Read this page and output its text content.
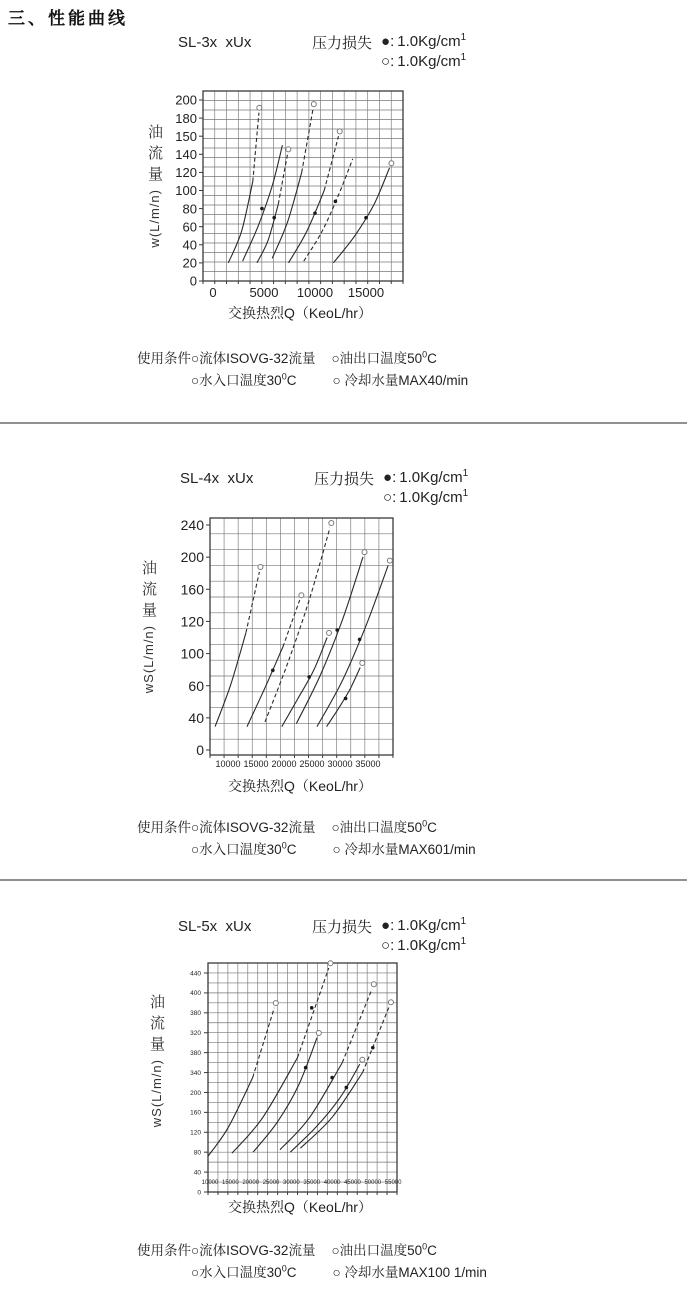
三、性能曲线
200
180
150
140
120
100
80
60
40
20
0
0	5000 10000 15000
240
200
160
120
100
60
40
0
10000 15000 20000 25000 30000 35000
440
400
380
320
380
340
200
160
120
80
40
0
10000 15000 20000 25000 30000 35000 40000 45000 50000 55000
SL-3x  xUx	压力损失 ●: $1.0Kg/cm^1$
○: $1.0Kg/cm^1$
油流量
w(L/m/n)
交换热烈Q（KeoL/hr）

使用条件○流体ISOVG-32流量 ○油出口温度$50^0C$

○水入口温度$30^0C$	○ 冷却水量MAX40/min

SL-4x  xUx	压力损失 ●: $1.0Kg/cm^1$
○: $1.0Kg/cm^1$
油流量
wS(L/m/n)
交换热烈Q（KeoL/hr）

使用条件○流体ISOVG-32流量 ○油出口温度$50^0C$

○水入口温度$30^0C$	○ 冷却水量MAX601/min

SL-5x  xUx	压力损失 ●: $1.0Kg/cm^1$
○: $1.0Kg/cm^1$
油流量
wS(L/m/n)
交换热烈Q（KeoL/hr）

使用条件○流体ISOVG-32流量 ○油出口温度$50^0C$

○水入口温度$30^0C$	○ 冷却水量MAX100 1/min
